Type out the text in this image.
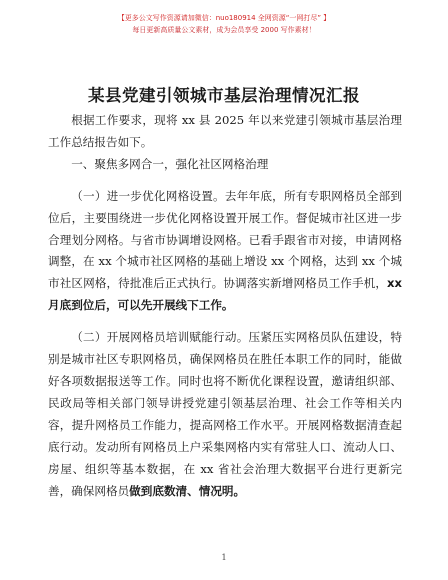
【更多公文写作资源请加微信：nuo180914 全网资源“一网打尽” 】
每日更新高质量公文素材，成为会员享受 2000 写作素材！
某县党建引领城市基层治理情况汇报

根据工作要求，现将 xx 县 2025 年以来党建引领城市基层治理工作总结报告如下。

一、聚焦多网合一，强化社区网格治理

（一）进一步优化网格设置。去年年底，所有专职网格员全部到位后，主要围绕进一步优化网格设置开展工作。督促城市社区进一步合理划分网格。与省市协调增设网格。已看手跟省市对接，申请网格调整，在 xx 个城市社区网格的基础上增设 xx 个网格，达到 xx 个城市社区网格，待批准后正式执行。协调落实新增网格员工作手机，xx 月底到位后，可以先开展线下工作。

（二）开展网格员培训赋能行动。压紧压实网格员队伍建设，特别是城市社区专职网格员，确保网格员在胜任本职工作的同时，能做好各项数据报送等工作。同时也将不断优化课程设置，邀请组织部、民政局等相关部门领导讲授党建引领基层治理、社会工作等相关内容，提升网格员工作能力，提高网格工作水平。开展网格数据清查起底行动。发动所有网格员上户采集网格内实有常驻人口、流动人口、房屋、组织等基本数据，在 xx 省社会治理大数据平台进行更新完善，确保网格员做到底数清、情况明。

1
